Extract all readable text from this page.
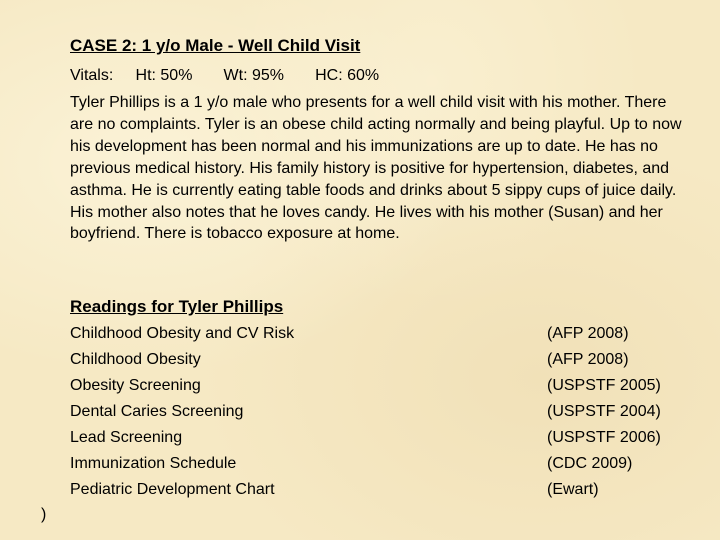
CASE 2: 1 y/o Male - Well Child Visit
Vitals:     Ht: 50%       Wt: 95%       HC: 60%
Tyler Phillips is a 1 y/o male who presents for a well child visit with his mother. There are no complaints. Tyler is an obese child acting normally and being playful. Up to now his development has been normal and his immunizations are up to date. He has no previous medical history. His family history is positive for hypertension, diabetes, and asthma. He is currently eating table foods and drinks about 5 sippy cups of juice daily. His mother also notes that he loves candy. He lives with his mother (Susan) and her boyfriend. There is tobacco exposure at home.
Readings for Tyler Phillips
Childhood Obesity and CV Risk	(AFP 2008)
Childhood Obesity	(AFP 2008)
Obesity Screening	(USPSTF 2005)
Dental Caries Screening	(USPSTF 2004)
Lead Screening	(USPSTF 2006)
Immunization Schedule	(CDC 2009)
Pediatric Development Chart	(Ewart)
)
